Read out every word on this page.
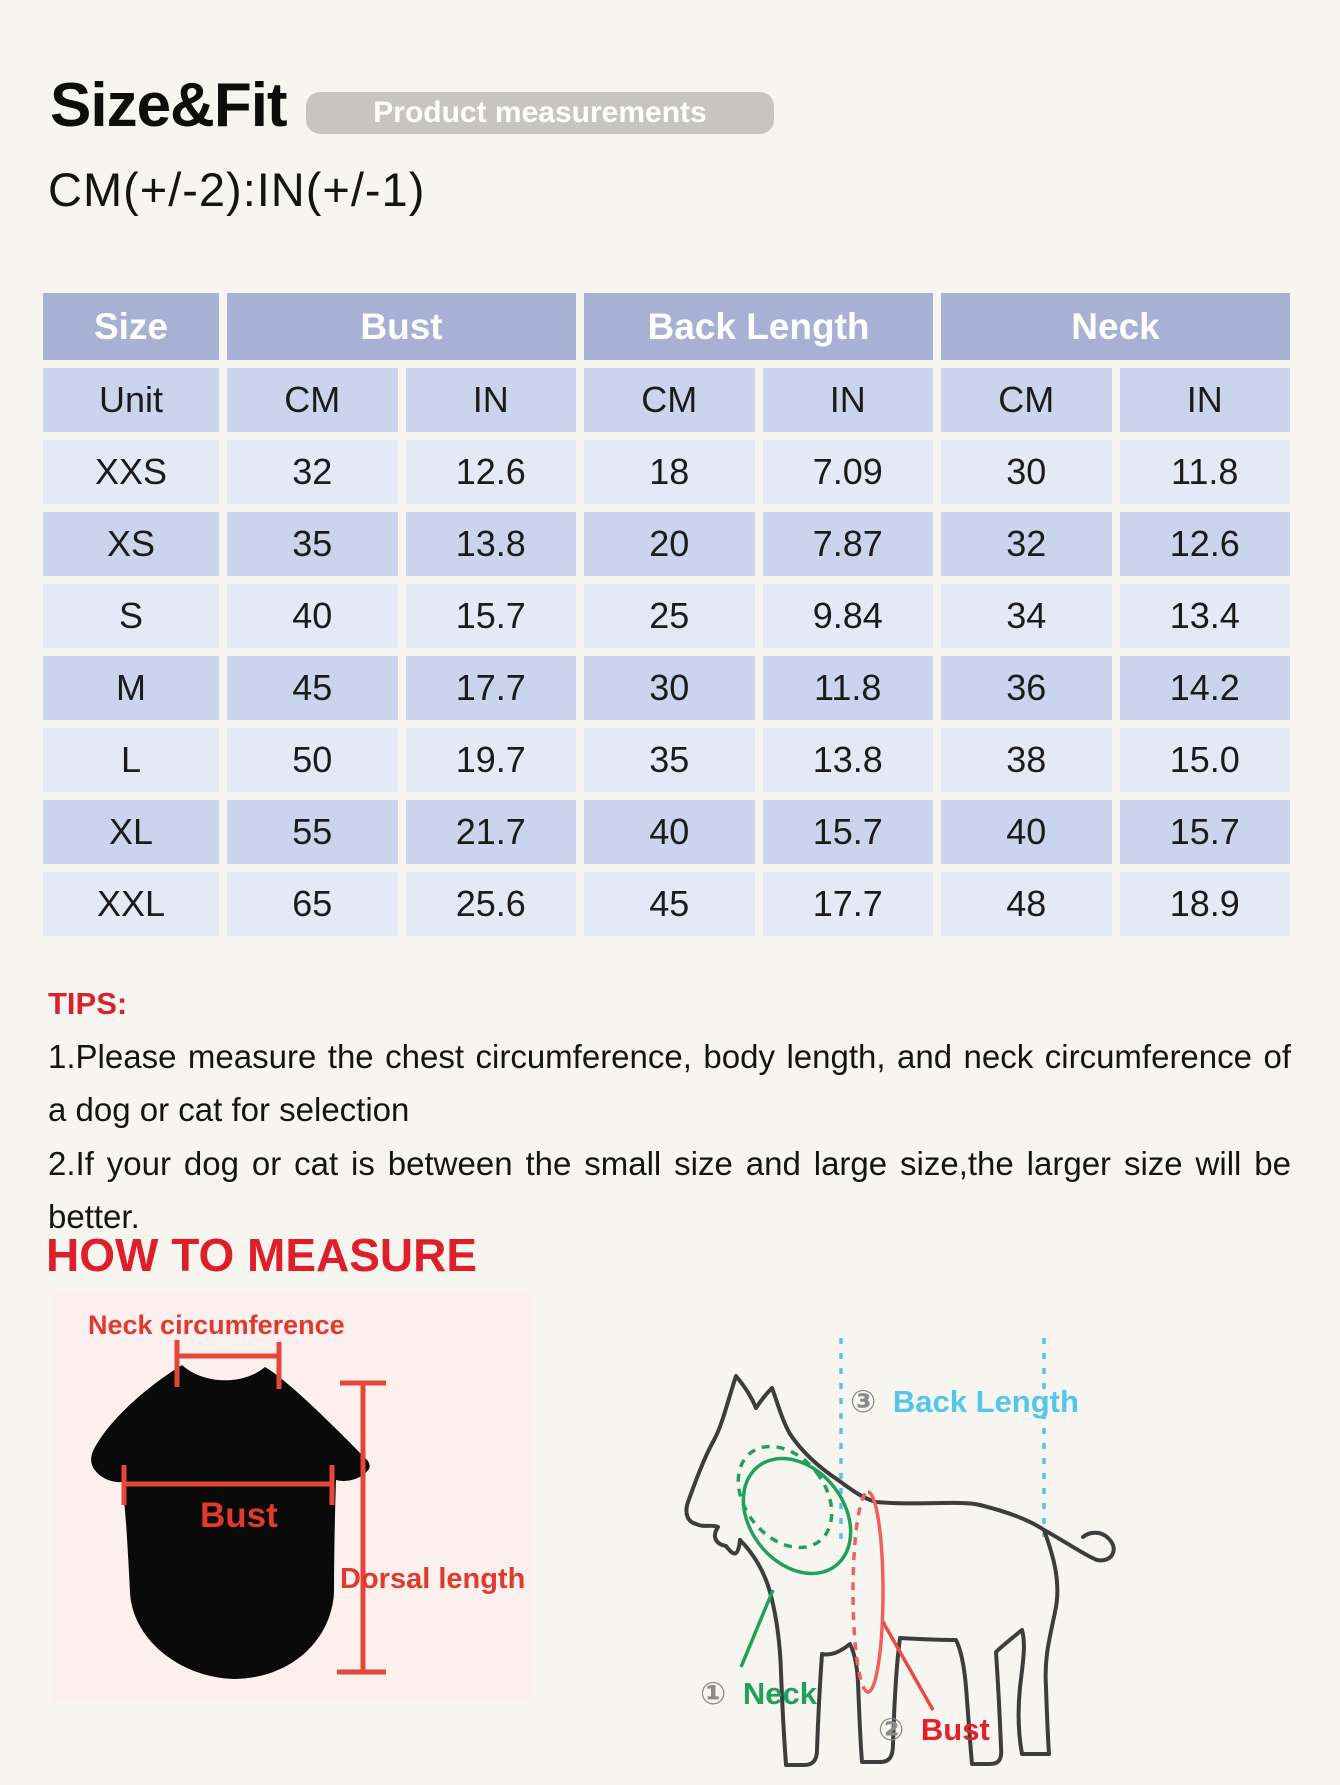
Size&Fit	Product measurements
CM(+/-2):IN(+/-1)
Size	Bust	Back Length	Neck
Unit	CM	IN	CM	IN	CM	IN
XXS	32	12.6	18	7.09	30	11.8
XS	35	13.8	20	7.87	32	12.6
S	40	15.7	25	9.84	34	13.4
M	45	17.7	30	11.8	36	14.2
L	50	19.7	35	13.8	38	15.0
XL	55	21.7	40	15.7	40	15.7
XXL	65	25.6	45	17.7	48	18.9
TIPS:

1.Please measure the chest circumference, body length, and neck circumference of a dog or cat for selection

2.If your dog or cat is between the small size and large size,the larger size will be better.

HOW TO MEASURE
Neck circumference
Bust
Dorsal length
③ Back Length
① Neck
② Bust
